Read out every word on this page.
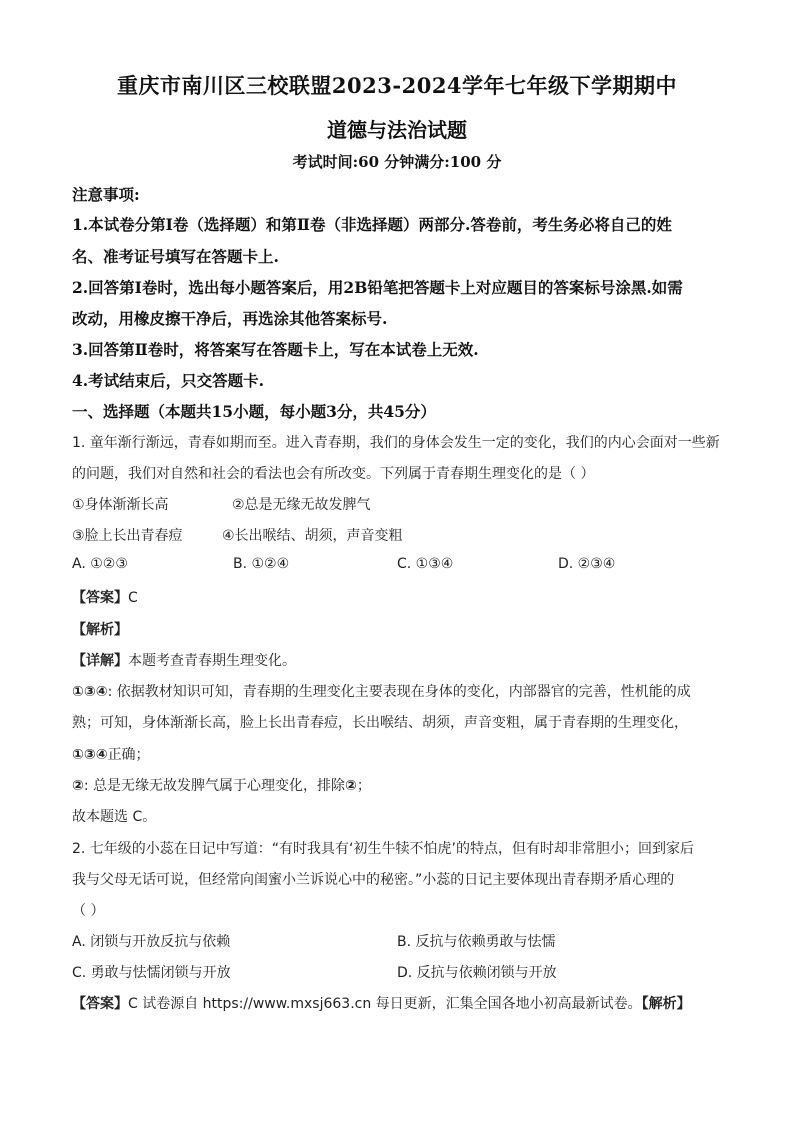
重庆市南川区三校联盟2023-2024学年七年级下学期期中
道德与法治试题
考试时间:60 分钟满分:100 分
注意事项:
1.本试卷分第Ⅰ卷（选择题）和第Ⅱ卷（非选择题）两部分.答卷前，考生务必将自己的姓
名、准考证号填写在答题卡上.
2.回答第Ⅰ卷时，选出每小题答案后，用2B铅笔把答题卡上对应题目的答案标号涂黑.如需
改动，用橡皮擦干净后，再选涂其他答案标号.
3.回答第Ⅱ卷时，将答案写在答题卡上，写在本试卷上无效.
4.考试结束后，只交答题卡.
一、选择题（本题共15小题，每小题3分，共45分）
1. 童年渐行渐远，青春如期而至。进入青春期，我们的身体会发生一定的变化，我们的内心会面对一些新
的问题，我们对自然和社会的看法也会有所改变。下列属于青春期生理变化的是（ ）
①身体渐渐长高	②总是无缘无故发脾气
③脸上长出青春痘	④长出喉结、胡须，声音变粗
A. ①②③	B. ①②④	C. ①③④	D. ②③④
【答案】C
【解析】
【详解】本题考查青春期生理变化。
①③④: 依据教材知识可知，青春期的生理变化主要表现在身体的变化，内部器官的完善，性机能的成
熟；可知，身体渐渐长高，脸上长出青春痘，长出喉结、胡须，声音变粗，属于青春期的生理变化，
①③④正确；
②: 总是无缘无故发脾气属于心理变化，排除②；
故本题选 C。
2. 七年级的小蕊在日记中写道：“有时我具有‘初生牛犊不怕虎’的特点，但有时却非常胆小；回到家后
我与父母无话可说，但经常向闺蜜小兰诉说心中的秘密。”小蕊的日记主要体现出青春期矛盾心理的
（ ）
A. 闭锁与开放反抗与依赖	B. 反抗与依赖勇敢与怯懦
C. 勇敢与怯懦闭锁与开放	D. 反抗与依赖闭锁与开放
【答案】C 试卷源自 https://www.mxsj663.cn 每日更新，汇集全国各地小初高最新试卷。【解析】
